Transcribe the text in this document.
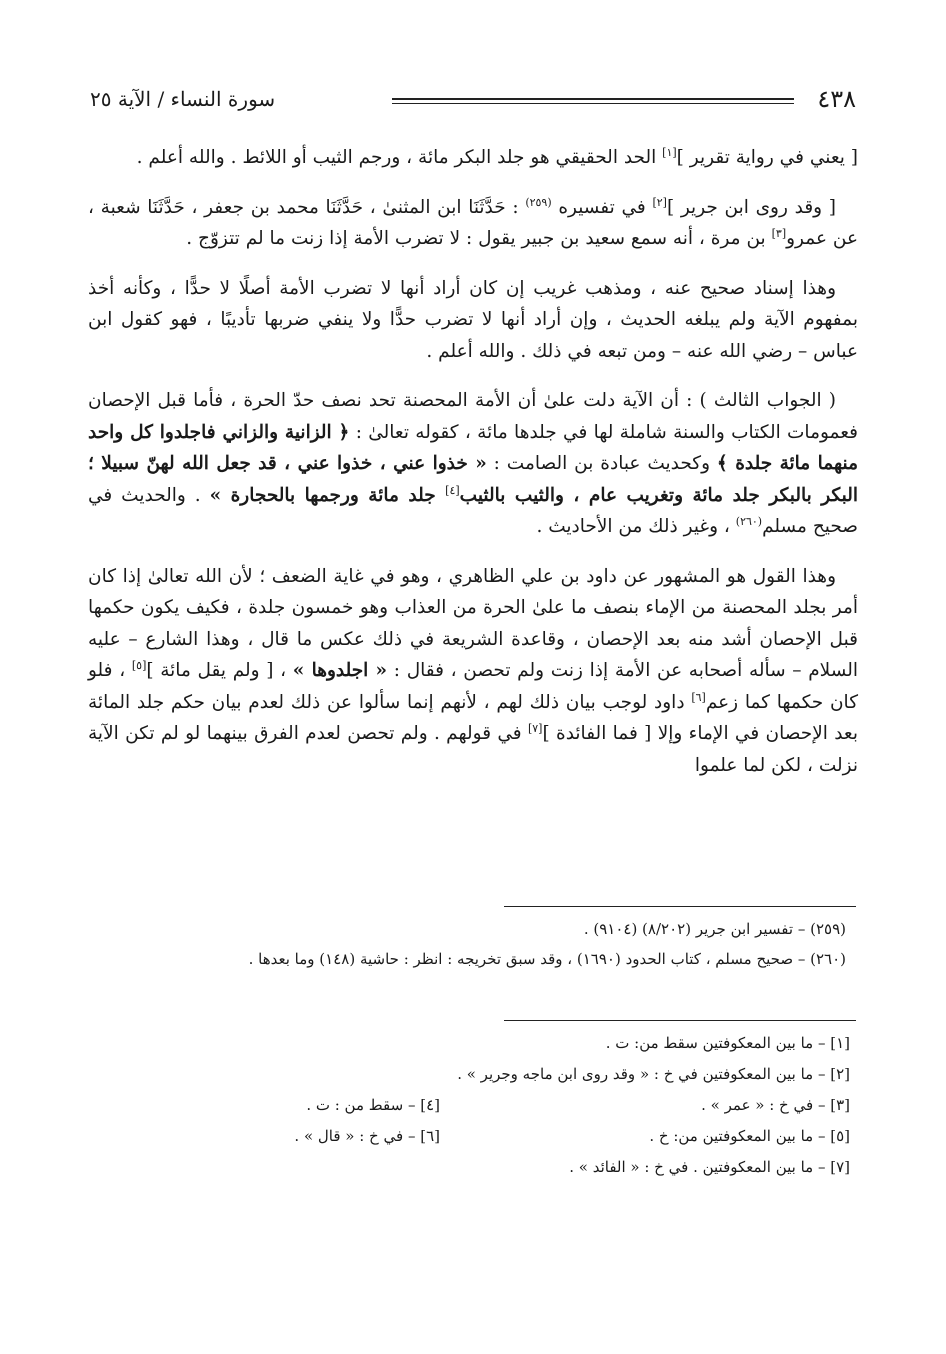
٤٣٨
سورة النساء / الآية ٢٥

[ يعني في رواية تقرير ][١] الحد الحقيقي هو جلد البكر مائة ، ورجم الثيب أو اللائط . والله أعلم .

[ وقد روى ابن جرير ][٢] في تفسيره $^{(٢٥٩)}$ : حَدَّثَنَا ابن المثنىٰ ، حَدَّثَنَا محمد بن جعفر ، حَدَّثَنَا شعبة ، عن عمرو[٣] بن مرة ، أنه سمع سعيد بن جبير يقول : لا تضرب الأمة إذا زنت ما لم تتزوّج .

وهذا إسناد صحيح عنه ، ومذهب غريب إن كان أراد أنها لا تضرب الأمة أصلًا لا حدًّا ، وكأنه أخذ بمفهوم الآية ولم يبلغه الحديث ، وإن أراد أنها لا تضرب حدًّا ولا ينفي ضربها تأديبًا ، فهو كقول ابن عباس – رضي الله عنه – ومن تبعه في ذلك . والله أعلم .

( الجواب الثالث ) : أن الآية دلت علىٰ أن الأمة المحصنة تحد نصف حدّ الحرة ، فأما قبل الإحصان فعمومات الكتاب والسنة شاملة لها في جلدها مائة ، كقوله تعالىٰ : ﴿ الزانية والزاني فاجلدوا كل واحد منهما مائة جلدة ﴾ وكحديث عبادة بن الصامت : « خذوا عني ، خذوا عني ، قد جعل الله لهنّ سبيلا ؛ البكر بالبكر جلد مائة وتغريب عام ، والثيب بالثيب[٤] جلد مائة ورجمها بالحجارة » . والحديث في صحيح مسلم$^{(٢٦٠)}$ ، وغير ذلك من الأحاديث .

وهذا القول هو المشهور عن داود بن علي الظاهري ، وهو في غاية الضعف ؛ لأن الله تعالىٰ إذا كان أمر بجلد المحصنة من الإماء بنصف ما علىٰ الحرة من العذاب وهو خمسون جلدة ، فكيف يكون حكمها قبل الإحصان أشد منه بعد الإحصان ، وقاعدة الشريعة في ذلك عكس ما قال ، وهذا الشارع – عليه السلام – سأله أصحابه عن الأمة إذا زنت ولم تحصن ، فقال : « اجلدوها » ، [ ولم يقل مائة ][٥] ، فلو كان حكمها كما زعم[٦] داود لوجب بيان ذلك لهم ، لأنهم إنما سألوا عن ذلك لعدم بيان حكم جلد المائة بعد الإحصان في الإماء وإلا [ فما الفائدة ][٧] في قولهم . ولم تحصن لعدم الفرق بينهما لو لم تكن الآية نزلت ، لكن لما علموا

(٢٥٩) – تفسير ابن جرير (٨/٢٠٢) (٩١٠٤) .
(٢٦٠) – صحيح مسلم ، كتاب الحدود (١٦٩٠) ، وقد سبق تخريجه : انظر : حاشية (١٤٨) وما بعدها .
[١] – ما بين المعكوفتين سقط من: ت .
[٢] – ما بين المعكوفتين في خ : « وقد روى ابن ماجه وجرير » .
[٣] – في خ : « عمر » .
[٤] – سقط من : ت .
[٥] – ما بين المعكوفتين من: خ .
[٦] – في خ : « قال » .
[٧] – ما بين المعكوفتين . في خ : « الفائد » .
